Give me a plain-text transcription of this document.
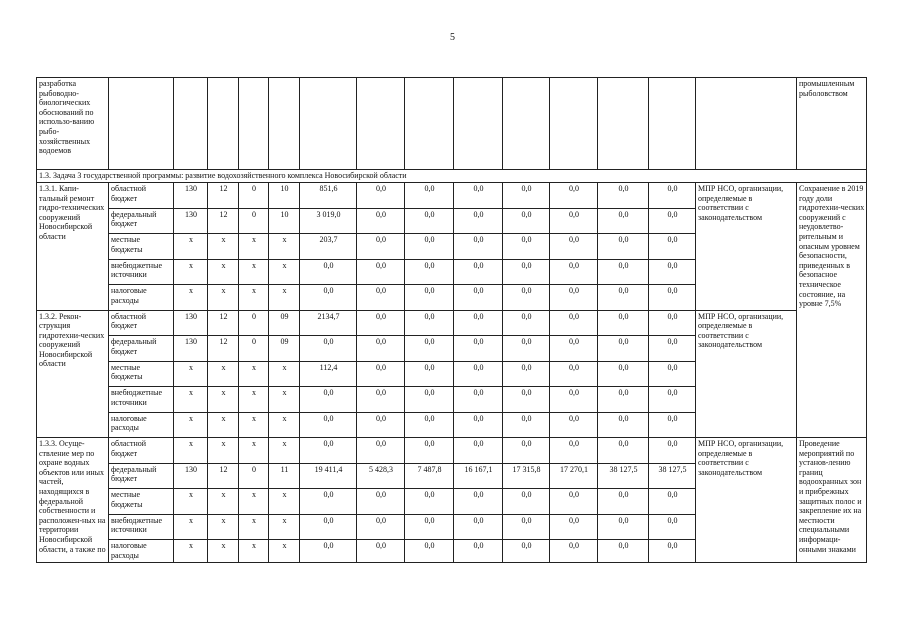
5
разработка рыбоводно-биологических обоснований по использо-ванию рыбо-хозяйственных водоемов															промышленным рыболовством
1.3. Задача 3 государственной программы: развитие водохозяйственного комплекса Новосибирской области															
1.3.1. Капи-тальный ремонт гидро-технических сооружений Новосибирской области	областной бюджет	130	12	0	10	851,6	0,0	0,0	0,0	0,0	0,0	0,0	0,0	МПР НСО, организации, определяемые в соответствии с законодательством	Сохранение в 2019 году доли гидротехни-ческих сооружений с неудовлетво-рительным и опасным уровнем безопасности, приведенных в безопасное техническое состояние, на уровне 7,5%
	федеральный бюджет	130	12	0	10	3 019,0	0,0	0,0	0,0	0,0	0,0	0,0	0,0		
	местные бюджеты	х	х	х	х	203,7	0,0	0,0	0,0	0,0	0,0	0,0	0,0		
	внебюджетные источники	х	х	х	х	0,0	0,0	0,0	0,0	0,0	0,0	0,0	0,0		
	налоговые расходы	х	х	х	х	0,0	0,0	0,0	0,0	0,0	0,0	0,0	0,0		
1.3.2. Рекон-струкция гидротехни-ческих сооружений Новосибирской области	областной бюджет	130	12	0	09	2134,7	0,0	0,0	0,0	0,0	0,0	0,0	0,0	МПР НСО, организации, определяемые в соответствии с законодательством	
	федеральный бюджет	130	12	0	09	0,0	0,0	0,0	0,0	0,0	0,0	0,0	0,0		
	местные бюджеты	х	х	х	х	112,4	0,0	0,0	0,0	0,0	0,0	0,0	0,0		
	внебюджетные источники	х	х	х	х	0,0	0,0	0,0	0,0	0,0	0,0	0,0	0,0		
	налоговые расходы	х	х	х	х	0,0	0,0	0,0	0,0	0,0	0,0	0,0	0,0		
1.3.3. Осуще-ствление мер по охране водных объектов или иных частей, находящихся в федеральной собственности и расположен-ных на территории Новосибирской области, а также по	областной бюджет	х	х	х	х	0,0	0,0	0,0	0,0	0,0	0,0	0,0	0,0	МПР НСО, организации, определяемые в соответствии с законодательством	Проведение мероприятий по установ-лению границ водоохранных зон и прибрежных защитных полос и закрепление их на местности специальными информаци-онными знаками
	федеральный бюджет	130	12	0	11	19 411,4	5 428,3	7 487,8	16 167,1	17 315,8	17 270,1	38 127,5	38 127,5		
	местные бюджеты	х	х	х	х	0,0	0,0	0,0	0,0	0,0	0,0	0,0	0,0		
	внебюджетные источники	х	х	х	х	0,0	0,0	0,0	0,0	0,0	0,0	0,0	0,0		
	налоговые расходы	х	х	х	х	0,0	0,0	0,0	0,0	0,0	0,0	0,0	0,0		
